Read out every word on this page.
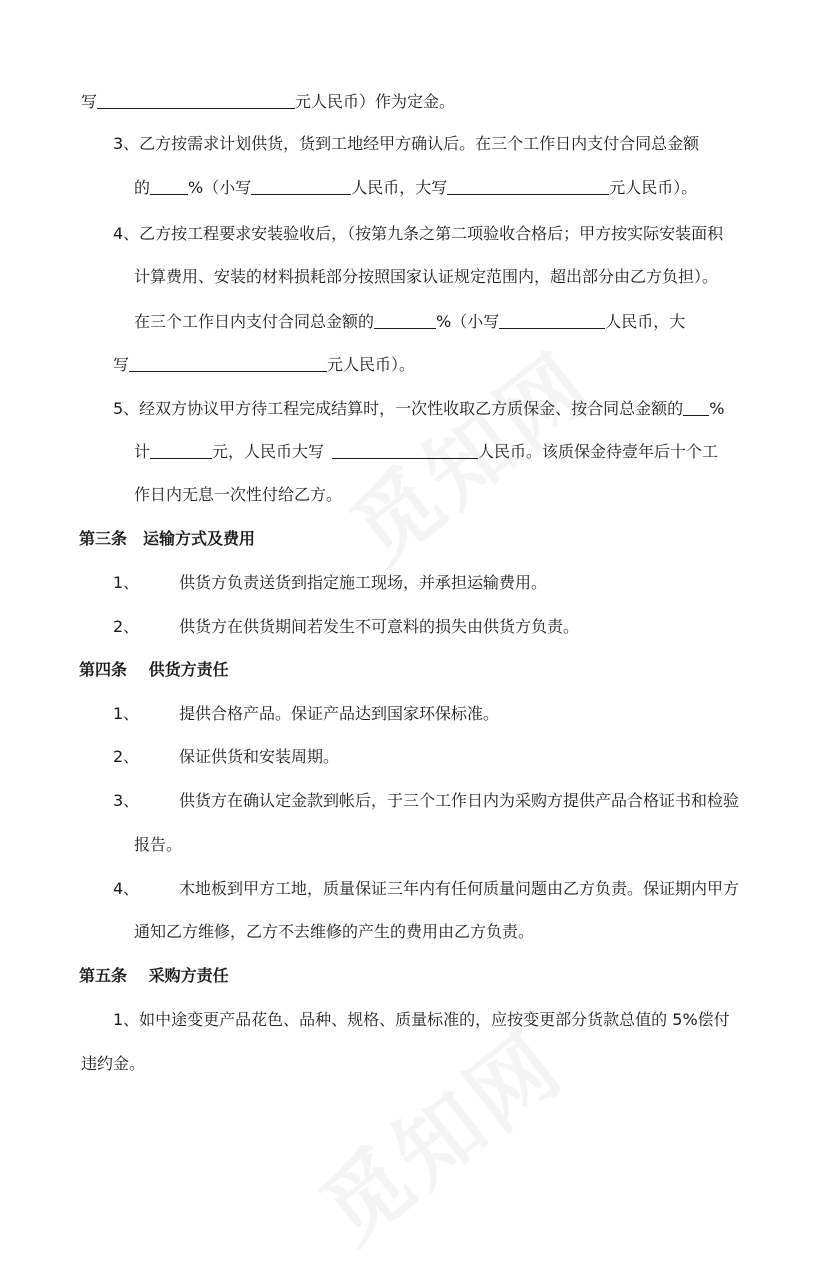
写	元人民币）作为定金。
3、乙方按需求计划供货，货到工地经甲方确认后。在三个工作日内支付合同总金额
的 %（小写	人民币，大写	元人民币）。
4、乙方按工程要求安装验收后，（按第九条之第二项验收合格后；甲方按实际安装面积
计算费用、安装的材料损耗部分按照国家认证规定范围内，超出部分由乙方负担）。
在三个工作日内支付合同总金额的	%（小写	人民币，大
写	元人民币）。
5、经双方协议甲方待工程完成结算时，一次性收取乙方质保金、按合同总金额的 %
计	元，人民币大写	人民币。该质保金待壹年后十个工
作日内无息一次性付给乙方。
第三条　运输方式及费用
1、 供货方负责送货到指定施工现场，并承担运输费用。
2、 供货方在供货期间若发生不可意料的损失由供货方负责。
第四条　 供货方责任
1、 提供合格产品。保证产品达到国家环保标准。
2、 保证供货和安装周期。
3、 供货方在确认定金款到帐后，于三个工作日内为采购方提供产品合格证书和检验
报告。
4、 木地板到甲方工地，质量保证三年内有任何质量问题由乙方负责。保证期内甲方
通知乙方维修，乙方不去维修的产生的费用由乙方负责。
第五条　 采购方责任
1、如中途变更产品花色、品种、规格、质量标准的，应按变更部分货款总值的 5%偿付
违约金。
